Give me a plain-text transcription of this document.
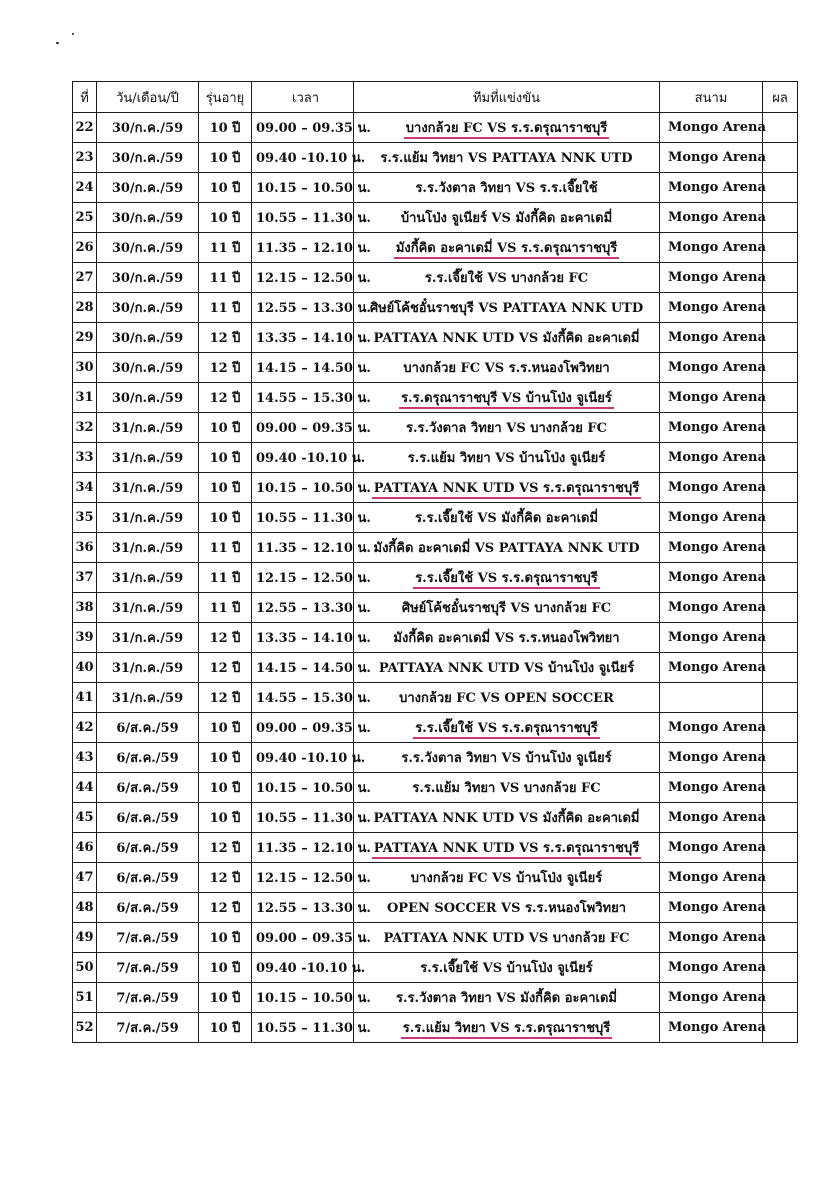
ที่	วัน/เดือน/ปี	รุ่นอายุ	เวลา	ทีมที่แข่งขัน	สนาม	ผล
22	30/ก.ค./59	10 ปี	09.00 – 09.35 น.	บางกล้วย FC VS ร.ร.ดรุณาราชบุรี	Mongo Arena	
23	30/ก.ค./59	10 ปี	09.40 -10.10 น.	ร.ร.แย้ม วิทยา VS PATTAYA NNK UTD	Mongo Arena	
24	30/ก.ค./59	10 ปี	10.15 – 10.50 น.	ร.ร.วังตาล วิทยา VS ร.ร.เจี๊ยใช้	Mongo Arena	
25	30/ก.ค./59	10 ปี	10.55 – 11.30 น.	บ้านโป่ง จูเนียร์ VS มังกี้คิด อะคาเดมี่	Mongo Arena	
26	30/ก.ค./59	11 ปี	11.35 – 12.10 น.	มังกี้คิด อะคาเดมี่ VS ร.ร.ดรุณาราชบุรี	Mongo Arena	
27	30/ก.ค./59	11 ปี	12.15 – 12.50 น.	ร.ร.เจี๊ยใช้ VS บางกล้วย FC	Mongo Arena	
28	30/ก.ค./59	11 ปี	12.55 – 13.30 น.	ศิษย์โค้ชอั๋นราชบุรี VS PATTAYA NNK UTD	Mongo Arena	
29	30/ก.ค./59	12 ปี	13.35 – 14.10 น.	PATTAYA NNK UTD VS มังกี้คิด อะคาเดมี่	Mongo Arena	
30	30/ก.ค./59	12 ปี	14.15 – 14.50 น.	บางกล้วย FC VS ร.ร.หนองโพวิทยา	Mongo Arena	
31	30/ก.ค./59	12 ปี	14.55 – 15.30 น.	ร.ร.ดรุณาราชบุรี VS บ้านโป่ง จูเนียร์	Mongo Arena	
32	31/ก.ค./59	10 ปี	09.00 – 09.35 น.	ร.ร.วังตาล วิทยา VS บางกล้วย FC	Mongo Arena	
33	31/ก.ค./59	10 ปี	09.40 -10.10 น.	ร.ร.แย้ม วิทยา VS บ้านโป่ง จูเนียร์	Mongo Arena	
34	31/ก.ค./59	10 ปี	10.15 – 10.50 น.	PATTAYA NNK UTD VS ร.ร.ดรุณาราชบุรี	Mongo Arena	
35	31/ก.ค./59	10 ปี	10.55 – 11.30 น.	ร.ร.เจี๊ยใช้ VS มังกี้คิด อะคาเดมี่	Mongo Arena	
36	31/ก.ค./59	11 ปี	11.35 – 12.10 น.	มังกี้คิด อะคาเดมี่ VS PATTAYA NNK UTD	Mongo Arena	
37	31/ก.ค./59	11 ปี	12.15 – 12.50 น.	ร.ร.เจี๊ยใช้ VS ร.ร.ดรุณาราชบุรี	Mongo Arena	
38	31/ก.ค./59	11 ปี	12.55 – 13.30 น.	ศิษย์โค้ชอั๋นราชบุรี VS บางกล้วย FC	Mongo Arena	
39	31/ก.ค./59	12 ปี	13.35 – 14.10 น.	มังกี้คิด อะคาเดมี่ VS ร.ร.หนองโพวิทยา	Mongo Arena	
40	31/ก.ค./59	12 ปี	14.15 – 14.50 น.	PATTAYA NNK UTD VS บ้านโป่ง จูเนียร์	Mongo Arena	
41	31/ก.ค./59	12 ปี	14.55 – 15.30 น.	บางกล้วย FC VS OPEN SOCCER		
42	6/ส.ค./59	10 ปี	09.00 – 09.35 น.	ร.ร.เจี๊ยใช้ VS ร.ร.ดรุณาราชบุรี	Mongo Arena	
43	6/ส.ค./59	10 ปี	09.40 -10.10 น.	ร.ร.วังตาล วิทยา VS บ้านโป่ง จูเนียร์	Mongo Arena	
44	6/ส.ค./59	10 ปี	10.15 – 10.50 น.	ร.ร.แย้ม วิทยา VS บางกล้วย FC	Mongo Arena	
45	6/ส.ค./59	10 ปี	10.55 – 11.30 น.	PATTAYA NNK UTD VS มังกี้คิด อะคาเดมี่	Mongo Arena	
46	6/ส.ค./59	12 ปี	11.35 – 12.10 น.	PATTAYA NNK UTD VS ร.ร.ดรุณาราชบุรี	Mongo Arena	
47	6/ส.ค./59	12 ปี	12.15 – 12.50 น.	บางกล้วย FC VS บ้านโป่ง จูเนียร์	Mongo Arena	
48	6/ส.ค./59	12 ปี	12.55 – 13.30 น.	OPEN SOCCER VS ร.ร.หนองโพวิทยา	Mongo Arena	
49	7/ส.ค./59	10 ปี	09.00 – 09.35 น.	PATTAYA NNK UTD VS บางกล้วย FC	Mongo Arena	
50	7/ส.ค./59	10 ปี	09.40 -10.10 น.	ร.ร.เจี๊ยใช้ VS บ้านโป่ง จูเนียร์	Mongo Arena	
51	7/ส.ค./59	10 ปี	10.15 – 10.50 น.	ร.ร.วังตาล วิทยา VS มังกี้คิด อะคาเดมี่	Mongo Arena	
52	7/ส.ค./59	10 ปี	10.55 – 11.30 น.	ร.ร.แย้ม วิทยา VS ร.ร.ดรุณาราชบุรี	Mongo Arena	
